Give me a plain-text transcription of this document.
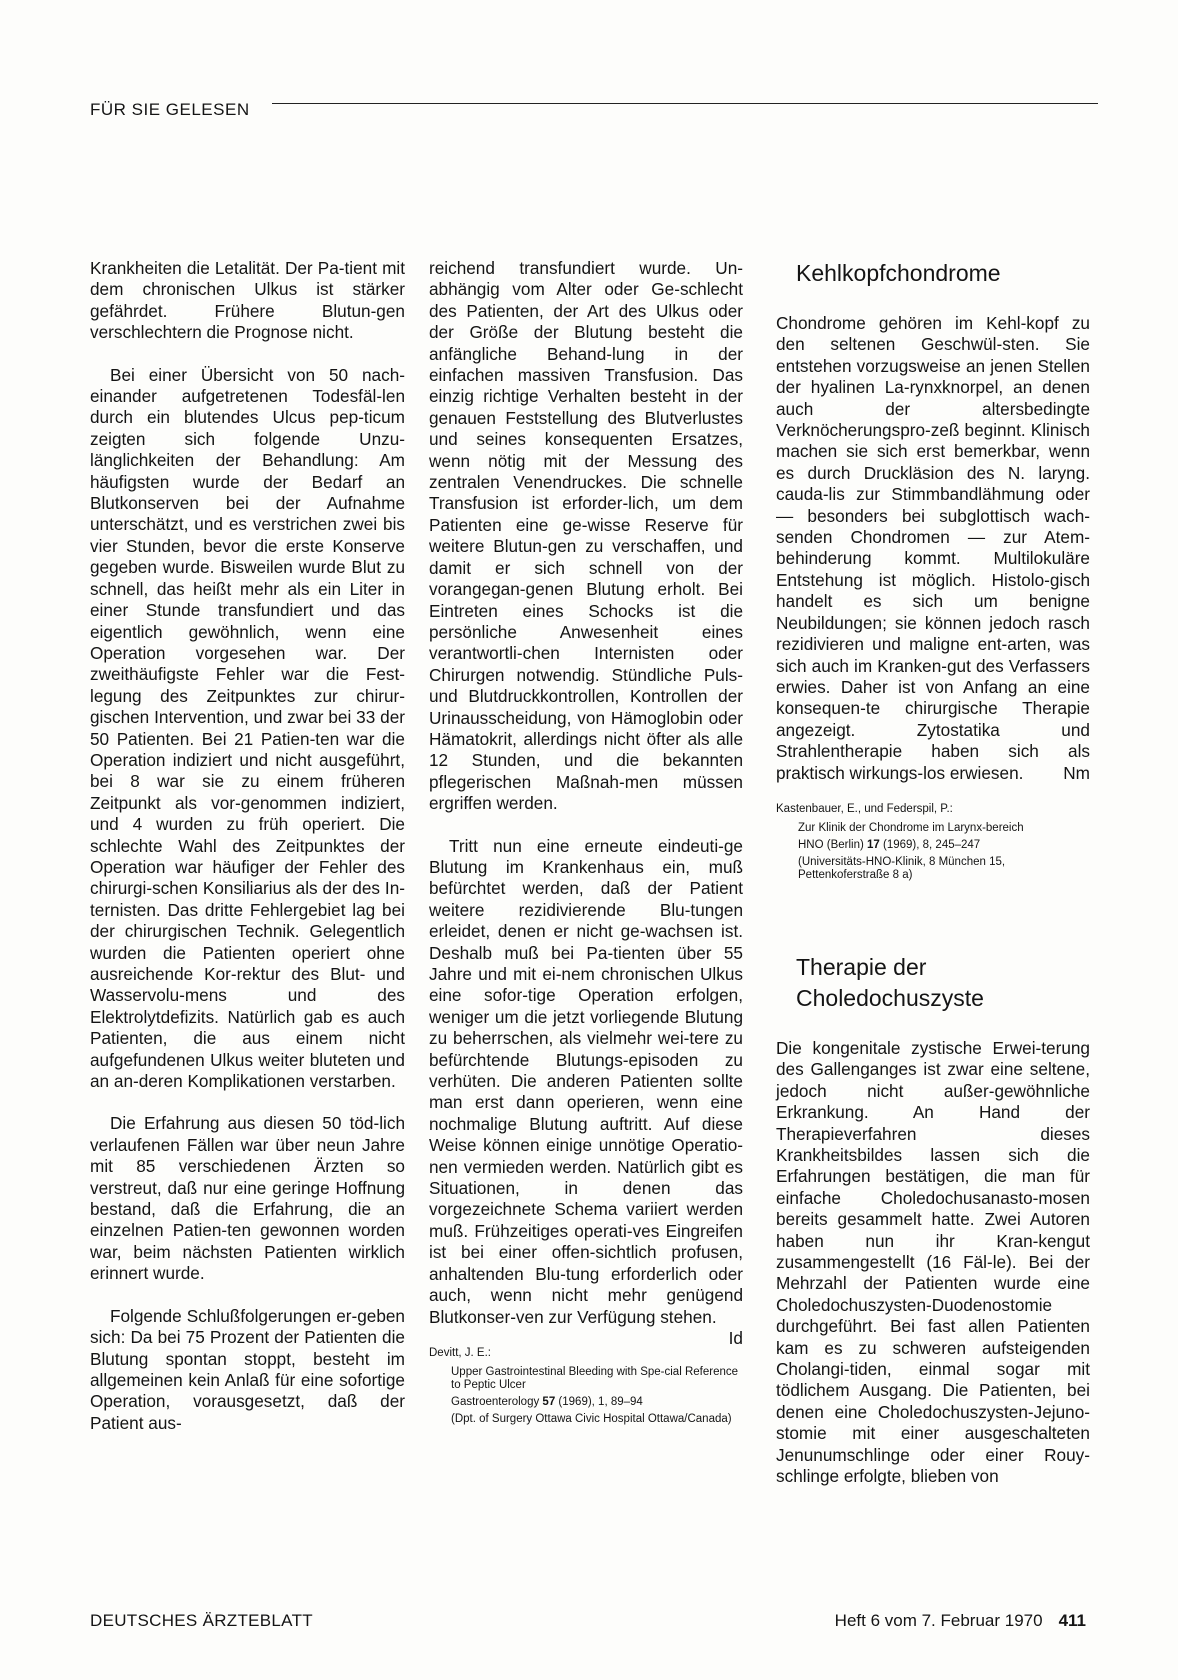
FÜR SIE GELESEN

Krankheiten die Letalität. Der Pa-tient mit dem chronischen Ulkus ist stärker gefährdet. Frühere Blutun-gen verschlechtern die Prognose nicht.

Bei einer Übersicht von 50 nach-einander aufgetretenen Todesfäl-len durch ein blutendes Ulcus pep-ticum zeigten sich folgende Unzu-länglichkeiten der Behandlung: Am häufigsten wurde der Bedarf an Blutkonserven bei der Aufnahme unterschätzt, und es verstrichen zwei bis vier Stunden, bevor die erste Konserve gegeben wurde. Bisweilen wurde Blut zu schnell, das heißt mehr als ein Liter in einer Stunde transfundiert und das eigentlich gewöhnlich, wenn eine Operation vorgesehen war. Der zweithäufigste Fehler war die Fest-legung des Zeitpunktes zur chirur-gischen Intervention, und zwar bei 33 der 50 Patienten. Bei 21 Patien-ten war die Operation indiziert und nicht ausgeführt, bei 8 war sie zu einem früheren Zeitpunkt als vor-genommen indiziert, und 4 wurden zu früh operiert. Die schlechte Wahl des Zeitpunktes der Operation war häufiger der Fehler des chirurgi-schen Konsiliarius als der des In-ternisten. Das dritte Fehlergebiet lag bei der chirurgischen Technik. Gelegentlich wurden die Patienten operiert ohne ausreichende Kor-rektur des Blut- und Wasservolu-mens und des Elektrolytdefizits. Natürlich gab es auch Patienten, die aus einem nicht aufgefundenen Ulkus weiter bluteten und an an-deren Komplikationen verstarben.

Die Erfahrung aus diesen 50 töd-lich verlaufenen Fällen war über neun Jahre mit 85 verschiedenen Ärzten so verstreut, daß nur eine geringe Hoffnung bestand, daß die Erfahrung, die an einzelnen Patien-ten gewonnen worden war, beim nächsten Patienten wirklich erinnert wurde.

Folgende Schlußfolgerungen er-geben sich: Da bei 75 Prozent der Patienten die Blutung spontan stoppt, besteht im allgemeinen kein Anlaß für eine sofortige Operation, vorausgesetzt, daß der Patient aus-

reichend transfundiert wurde. Un-abhängig vom Alter oder Ge-schlecht des Patienten, der Art des Ulkus oder der Größe der Blutung besteht die anfängliche Behand-lung in der einfachen massiven Transfusion. Das einzig richtige Verhalten besteht in der genauen Feststellung des Blutverlustes und seines konsequenten Ersatzes, wenn nötig mit der Messung des zentralen Venendruckes. Die schnelle Transfusion ist erforder-lich, um dem Patienten eine ge-wisse Reserve für weitere Blutun-gen zu verschaffen, und damit er sich schnell von der vorangegan-genen Blutung erholt. Bei Eintreten eines Schocks ist die persönliche Anwesenheit eines verantwortli-chen Internisten oder Chirurgen notwendig. Stündliche Puls- und Blutdruckkontrollen, Kontrollen der Urinausscheidung, von Hämoglobin oder Hämatokrit, allerdings nicht öfter als alle 12 Stunden, und die bekannten pflegerischen Maßnah-men müssen ergriffen werden.

Tritt nun eine erneute eindeuti-ge Blutung im Krankenhaus ein, muß befürchtet werden, daß der Patient weitere rezidivierende Blu-tungen erleidet, denen er nicht ge-wachsen ist. Deshalb muß bei Pa-tienten über 55 Jahre und mit ei-nem chronischen Ulkus eine sofor-tige Operation erfolgen, weniger um die jetzt vorliegende Blutung zu beherrschen, als vielmehr wei-tere zu befürchtende Blutungs-episoden zu verhüten. Die anderen Patienten sollte man erst dann operieren, wenn eine nochmalige Blutung auftritt. Auf diese Weise können einige unnötige Operatio-nen vermieden werden. Natürlich gibt es Situationen, in denen das vorgezeichnete Schema variiert werden muß. Frühzeitiges operati-ves Eingreifen ist bei einer offen-sichtlich profusen, anhaltenden Blu-tung erforderlich oder auch, wenn nicht mehr genügend Blutkonser-ven zur Verfügung stehen.
Id

Devitt, J. E.:
Upper Gastrointestinal Bleeding with Spe-cial Reference to Peptic Ulcer
Gastroenterology 57 (1969), 1, 89–94
(Dpt. of Surgery Ottawa Civic Hospital Ottawa/Canada)
Kehlkopfchondrome

Chondrome gehören im Kehl-kopf zu den seltenen Geschwül-sten. Sie entstehen vorzugsweise an jenen Stellen der hyalinen La-rynxknorpel, an denen auch der altersbedingte Verknöcherungspro-zeß beginnt. Klinisch machen sie sich erst bemerkbar, wenn es durch Druckläsion des N. laryng. cauda-lis zur Stimmbandlähmung oder — besonders bei subglottisch wach-senden Chondromen — zur Atem-behinderung kommt. Multilokuläre Entstehung ist möglich. Histolo-gisch handelt es sich um benigne Neubildungen; sie können jedoch rasch rezidivieren und maligne ent-arten, was sich auch im Kranken-gut des Verfassers erwies. Daher ist von Anfang an eine konsequen-te chirurgische Therapie angezeigt. Zytostatika und Strahlentherapie haben sich als praktisch wirkungs-los erwiesen. Nm

Kastenbauer, E., und Federspil, P.:
Zur Klinik der Chondrome im Larynx-bereich
HNO (Berlin) 17 (1969), 8, 245–247
(Universitäts-HNO-Klinik, 8 München 15, Pettenkoferstraße 8 a)
Therapie der
Choledochuszyste

Die kongenitale zystische Erwei-terung des Gallenganges ist zwar eine seltene, jedoch nicht außer-gewöhnliche Erkrankung. An Hand der Therapieverfahren dieses Krankheitsbildes lassen sich die Erfahrungen bestätigen, die man für einfache Choledochusanasto-mosen bereits gesammelt hatte. Zwei Autoren haben nun ihr Kran-kengut zusammengestellt (16 Fäl-le). Bei der Mehrzahl der Patienten wurde eine Choledochuszysten-Duodenostomie durchgeführt. Bei fast allen Patienten kam es zu schweren aufsteigenden Cholangi-tiden, einmal sogar mit tödlichem Ausgang. Die Patienten, bei denen eine Choledochuszysten-Jejuno-stomie mit einer ausgeschalteten Jenunumschlinge oder einer Rouy-schlinge erfolgte, blieben von

DEUTSCHES ÄRZTEBLATT	Heft 6 vom 7. Februar 1970 411
